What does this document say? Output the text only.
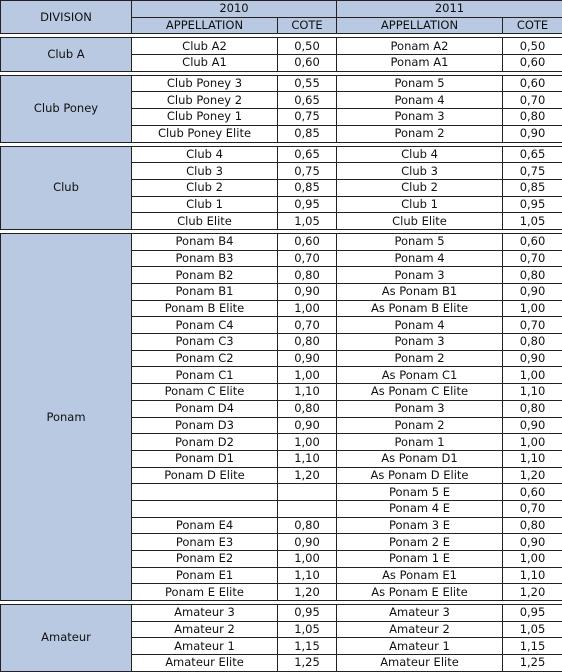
DIVISION	2010		2011	
	APPELLATION	COTE	APPELLATION	COTE

Club A	Club A2	0,50	Ponam A2	0,50
	Club A1	0,60	Ponam A1	0,60

Club Poney	Club Poney 3	0,55	Ponam 5	0,60
	Club Poney 2	0,65	Ponam 4	0,70
	Club Poney 1	0,75	Ponam 3	0,80
	Club Poney Elite	0,85	Ponam 2	0,90

Club	Club 4	0,65	Club 4	0,65
	Club 3	0,75	Club 3	0,75
	Club 2	0,85	Club 2	0,85
	Club 1	0,95	Club 1	0,95
	Club Elite	1,05	Club Elite	1,05

Ponam	Ponam B4	0,60	Ponam 5	0,60
	Ponam B3	0,70	Ponam 4	0,70
	Ponam B2	0,80	Ponam 3	0,80
	Ponam B1	0,90	As Ponam B1	0,90
	Ponam B Elite	1,00	As Ponam B Elite	1,00
	Ponam C4	0,70	Ponam 4	0,70
	Ponam C3	0,80	Ponam 3	0,80
	Ponam C2	0,90	Ponam 2	0,90
	Ponam C1	1,00	As Ponam C1	1,00
	Ponam C Elite	1,10	As Ponam C Elite	1,10
	Ponam D4	0,80	Ponam 3	0,80
	Ponam D3	0,90	Ponam 2	0,90
	Ponam D2	1,00	Ponam 1	1,00
	Ponam D1	1,10	As Ponam D1	1,10
	Ponam D Elite	1,20	As Ponam D Elite	1,20
			Ponam 5 E	0,60
			Ponam 4 E	0,70
	Ponam E4	0,80	Ponam 3 E	0,80
	Ponam E3	0,90	Ponam 2 E	0,90
	Ponam E2	1,00	Ponam 1 E	1,00
	Ponam E1	1,10	As Ponam E1	1,10
	Ponam E Elite	1,20	As Ponam E Elite	1,20

Amateur	Amateur 3	0,95	Amateur 3	0,95
	Amateur 2	1,05	Amateur 2	1,05
	Amateur 1	1,15	Amateur 1	1,15
	Amateur Elite	1,25	Amateur Elite	1,25
